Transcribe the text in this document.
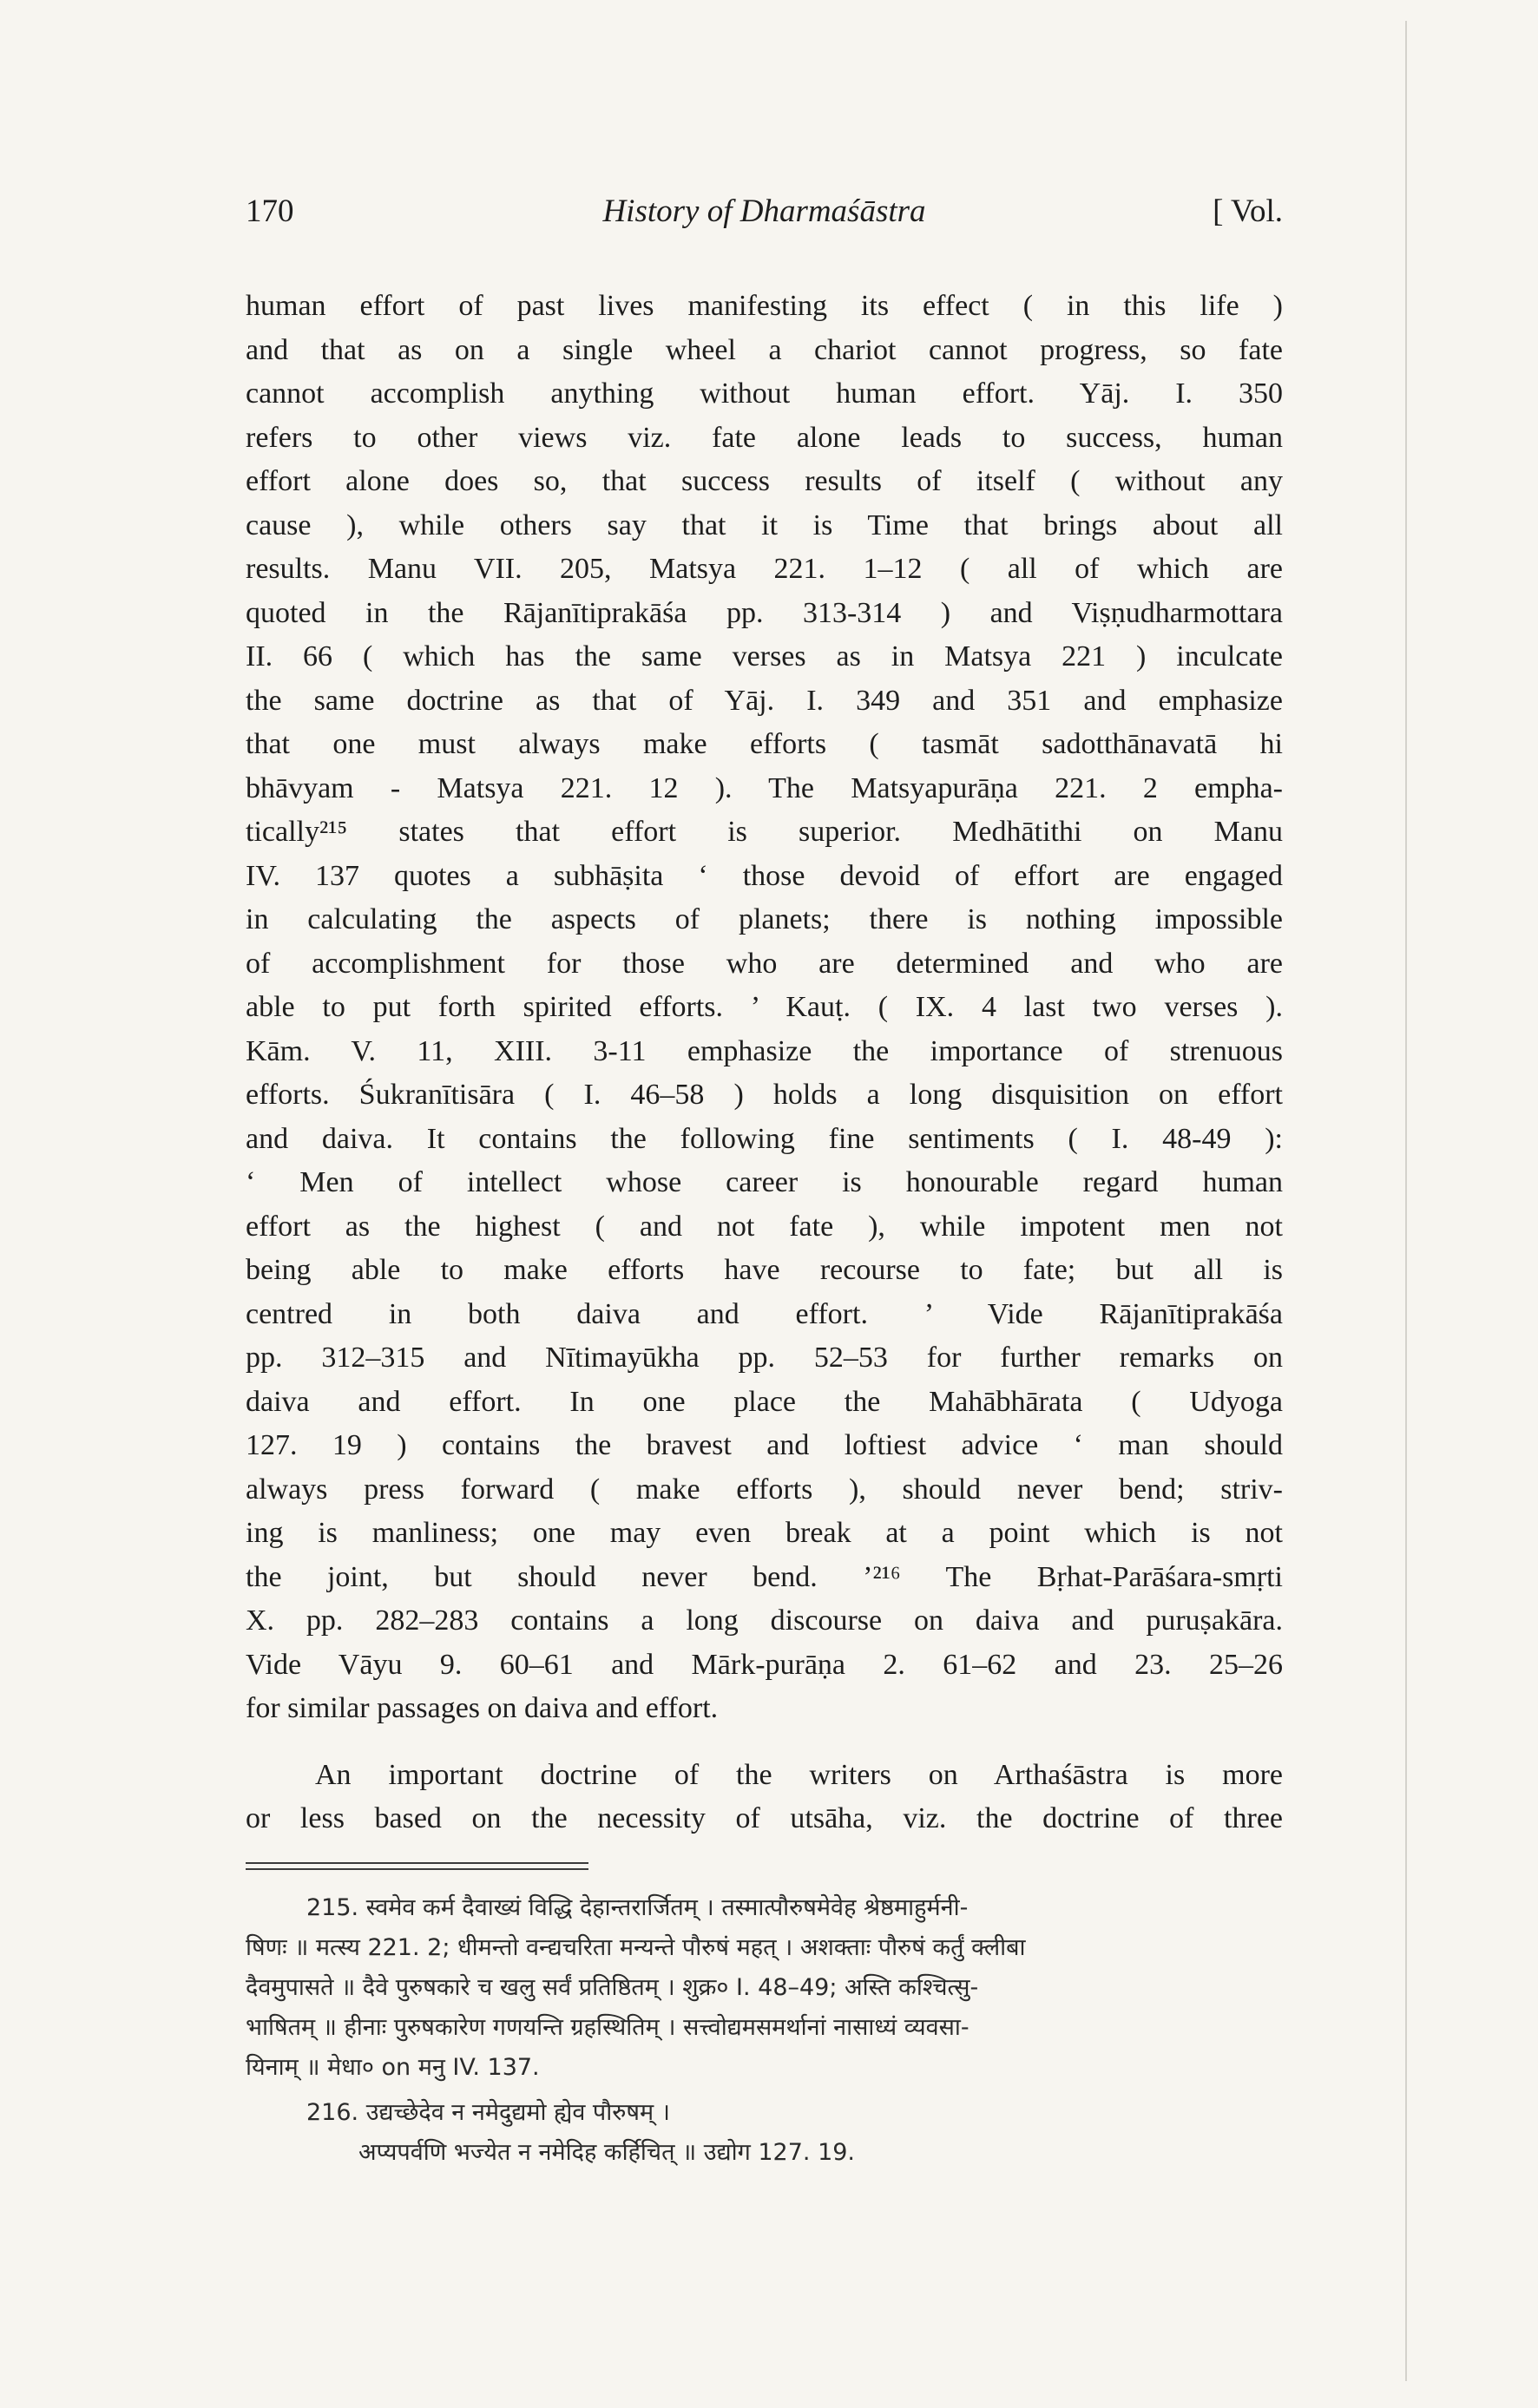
170	History of Dharmaśāstra	[ Vol.
human effort of past lives manifesting its effect ( in this life )
and that as on a single wheel a chariot cannot progress, so fate
cannot accomplish anything without human effort. Yāj. I. 350
refers to other views viz. fate alone leads to success, human
effort alone does so, that success results of itself ( without any
cause ), while others say that it is Time that brings about all
results. Manu VII. 205, Matsya 221. 1–12 ( all of which are
quoted in the Rājanītiprakāśa pp. 313-314 ) and Viṣṇudharmottara
II. 66 ( which has the same verses as in Matsya 221 ) inculcate
the same doctrine as that of Yāj. I. 349 and 351 and emphasize
that one must always make efforts ( tasmāt sadotthānavatā hi
bhāvyam - Matsya 221. 12 ). The Matsyapurāṇa 221. 2 empha-
tically²¹⁵ states that effort is superior. Medhātithi on Manu
IV. 137 quotes a subhāṣita ‘ those devoid of effort are engaged
in calculating the aspects of planets; there is nothing impossible
of accomplishment for those who are determined and who are
able to put forth spirited efforts. ’ Kauṭ. ( IX. 4 last two verses ).
Kām. V. 11, XIII. 3-11 emphasize the importance of strenuous
efforts. Śukranītisāra ( I. 46–58 ) holds a long disquisition on effort
and daiva. It contains the following fine sentiments ( I. 48-49 ):
‘ Men of intellect whose career is honourable regard human
effort as the highest ( and not fate ), while impotent men not
being able to make efforts have recourse to fate; but all is
centred in both daiva and effort. ’ Vide Rājanītiprakāśa
pp. 312–315 and Nītimayūkha pp. 52–53 for further remarks on
daiva and effort. In one place the Mahābhārata ( Udyoga
127. 19 ) contains the bravest and loftiest advice ‘ man should
always press forward ( make efforts ), should never bend; striv-
ing is manliness; one may even break at a point which is not
the joint, but should never bend. ’²¹⁶ The Bṛhat-Parāśara-smṛti
X. pp. 282–283 contains a long discourse on daiva and puruṣakāra.
Vide Vāyu 9. 60–61 and Mārk-purāṇa 2. 61–62 and 23. 25–26
for similar passages on daiva and effort.
An important doctrine of the writers on Arthaśāstra is more
or less based on the necessity of utsāha, viz. the doctrine of three
215. स्वमेव कर्म दैवाख्यं विद्धि देहान्तरार्जितम् । तस्मात्पौरुषमेवेह श्रेष्ठमाहुर्मनी-
षिणः ॥ मत्स्य 221. 2; धीमन्तो वन्द्यचरिता मन्यन्ते पौरुषं महत् । अशक्ताः पौरुषं कर्तुं क्लीबा
दैवमुपासते ॥ दैवे पुरुषकारे च खलु सर्वं प्रतिष्ठितम् । शुक्र० I. 48–49; अस्ति कश्चित्सु-
भाषितम् ॥ हीनाः पुरुषकारेण गणयन्ति ग्रहस्थितिम् । सत्त्वोद्यमसमर्थानां नासाध्यं व्यवसा-
यिनाम् ॥ मेधा० on मनु IV. 137.
216. उद्यच्छेदेव न नमेदुद्यमो ह्येव पौरुषम् ।
अप्यपर्वणि भज्येत न नमेदिह कर्हिचित् ॥ उद्योग 127. 19.
